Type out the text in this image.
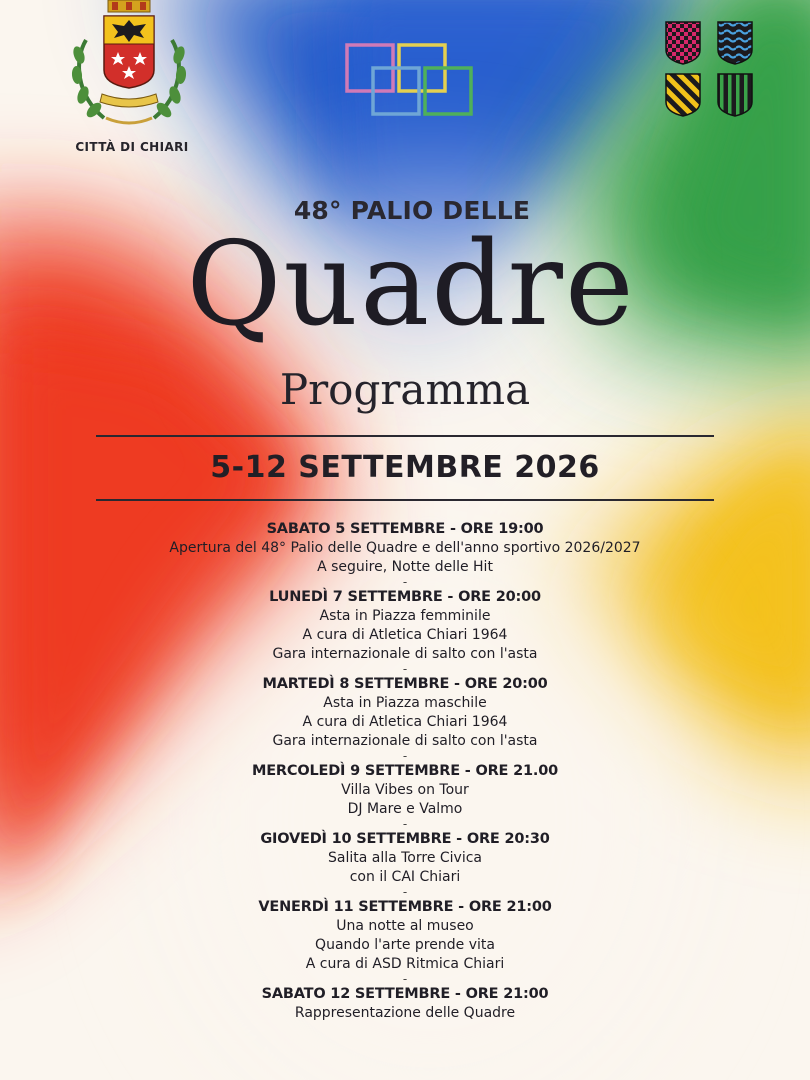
CITTÀ DI CHIARI
48° PALIO DELLE
Quadre
Programma
5-12 SETTEMBRE 2026
SABATO 5 SETTEMBRE - ORE 19:00
Apertura del 48° Palio delle Quadre e dell'anno sportivo 2026/2027
A seguire, Notte delle Hit
-
LUNEDÌ 7 SETTEMBRE - ORE 20:00
Asta in Piazza femminile
A cura di Atletica Chiari 1964
Gara internazionale di salto con l'asta
-
MARTEDÌ 8 SETTEMBRE - ORE 20:00
Asta in Piazza maschile
A cura di Atletica Chiari 1964
Gara internazionale di salto con l'asta
-
MERCOLEDÌ 9 SETTEMBRE - ORE 21.00
Villa Vibes on Tour
DJ Mare e Valmo
-
GIOVEDÌ 10 SETTEMBRE - ORE 20:30
Salita alla Torre Civica
con il CAI Chiari
-
VENERDÌ 11 SETTEMBRE - ORE 21:00
Una notte al museo
Quando l'arte prende vita
A cura di ASD Ritmica Chiari
-
SABATO 12 SETTEMBRE - ORE 21:00
Rappresentazione delle Quadre
